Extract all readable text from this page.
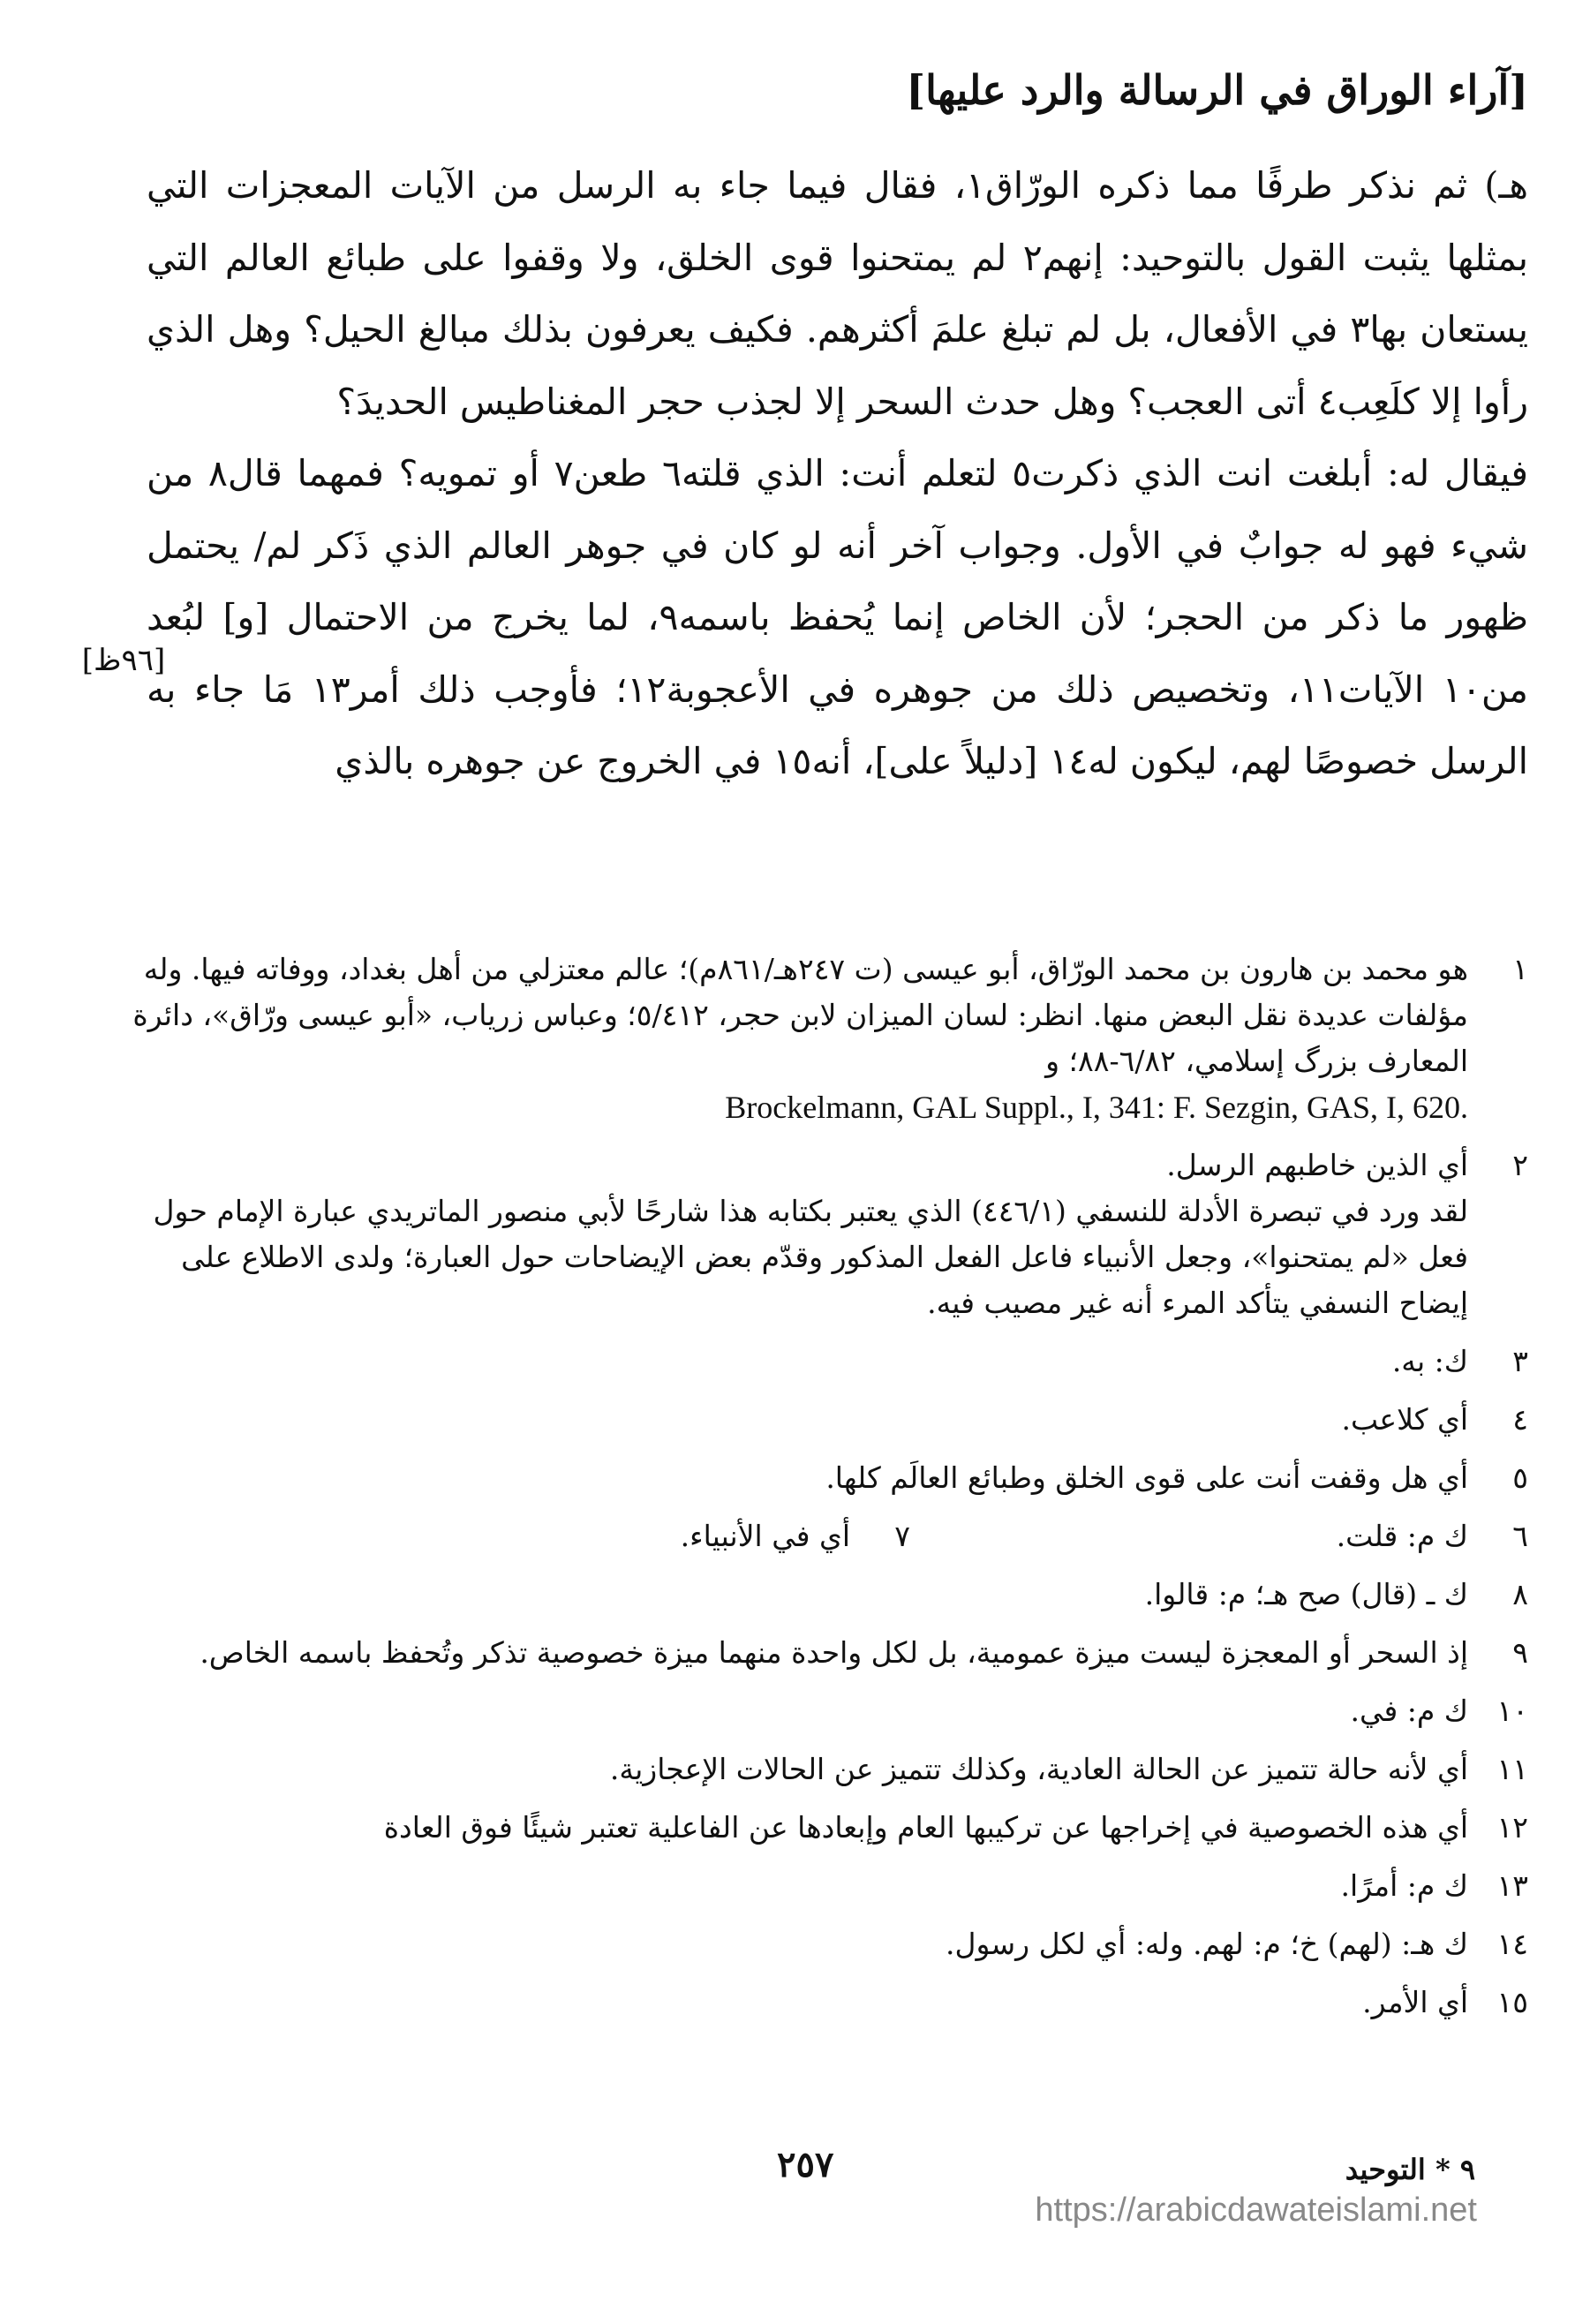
[آراء الوراق في الرسالة والرد عليها]

هـ) ثم نذكر طرفًا مما ذكره الورّاق١، فقال فيما جاء به الرسل من الآيات المعجزات التي بمثلها يثبت القول بالتوحيد: إنهم٢ لم يمتحنوا قوى الخلق، ولا وقفوا على طبائع العالم التي يستعان بها٣ في الأفعال، بل لم تبلغ علمَ أكثرهم. فكيف يعرفون بذلك مبالغ الحيل؟ وهل الذي رأوا إلا كلَعِب٤ أتى العجب؟ وهل حدث السحر إلا لجذب حجر المغناطيس الحديدَ؟

فيقال له: أبلغت انت الذي ذكرت٥ لتعلم أنت: الذي قلته٦ طعن٧ أو تمويه؟ فمهما قال٨ من شيء فهو له جوابٌ في الأول. وجواب آخر أنه لو كان في جوهر العالم الذي ذَكر لم/ يحتمل ظهور ما ذكر من الحجر؛ لأن الخاص إنما يُحفظ باسمه٩، لما يخرج من الاحتمال [و] لبُعد من١٠ الآيات١١، وتخصيص ذلك من جوهره في الأعجوبة١٢؛ فأوجب ذلك أمر١٣ مَا جاء به الرسل خصوصًا لهم، ليكون له١٤ [دليلاً على]، أنه١٥ في الخروج عن جوهره بالذي

[٩٦ظ]
١
هو محمد بن هارون بن محمد الورّاق، أبو عيسى (ت ٢٤٧هـ/٨٦١م)؛ عالم معتزلي من أهل بغداد، ووفاته فيها. وله مؤلفات عديدة نقل البعض منها. انظر: لسان الميزان لابن حجر، ٥/٤١٢؛ وعباس زرياب، «أبو عيسى ورّاق»، دائرة المعارف بزرگ إسلامي، ٦/٨٢-٨٨؛ و
Brockelmann, GAL Suppl., I, 341: F. Sezgin, GAS, I, 620.
٢
أي الذين خاطبهم الرسل.
لقد ورد في تبصرة الأدلة للنسفي (٤٤٦/١) الذي يعتبر بكتابه هذا شارحًا لأبي منصور الماتريدي عبارة الإمام حول فعل «لم يمتحنوا»، وجعل الأنبياء فاعل الفعل المذكور وقدّم بعض الإيضاحات حول العبارة؛ ولدى الاطلاع على إيضاح النسفي يتأكد المرء أنه غير مصيب فيه.
٣
ك: به.
٤
أي كلاعب.
٥
أي هل وقفت أنت على قوى الخلق وطبائع العالَم كلها.
٦
ك م: قلت.
٧
أي في الأنبياء.
٨
ك ـ (قال) صح هـ؛ م: قالوا.
٩
إذ السحر أو المعجزة ليست ميزة عمومية، بل لكل واحدة منهما ميزة خصوصية تذكر وتُحفظ باسمه الخاص.
١٠
ك م: في.
١١
أي لأنه حالة تتميز عن الحالة العادية، وكذلك تتميز عن الحالات الإعجازية.
١٢
أي هذه الخصوصية في إخراجها عن تركيبها العام وإبعادها عن الفاعلية تعتبر شيئًا فوق العادة
١٣
ك م: أمرًا.
١٤
ك هـ: (لهم) خ؛ م: لهم. وله: أي لكل رسول.
١٥
أي الأمر.
٢٥٧	٩ * التوحيد
https://arabicdawateislami.net
